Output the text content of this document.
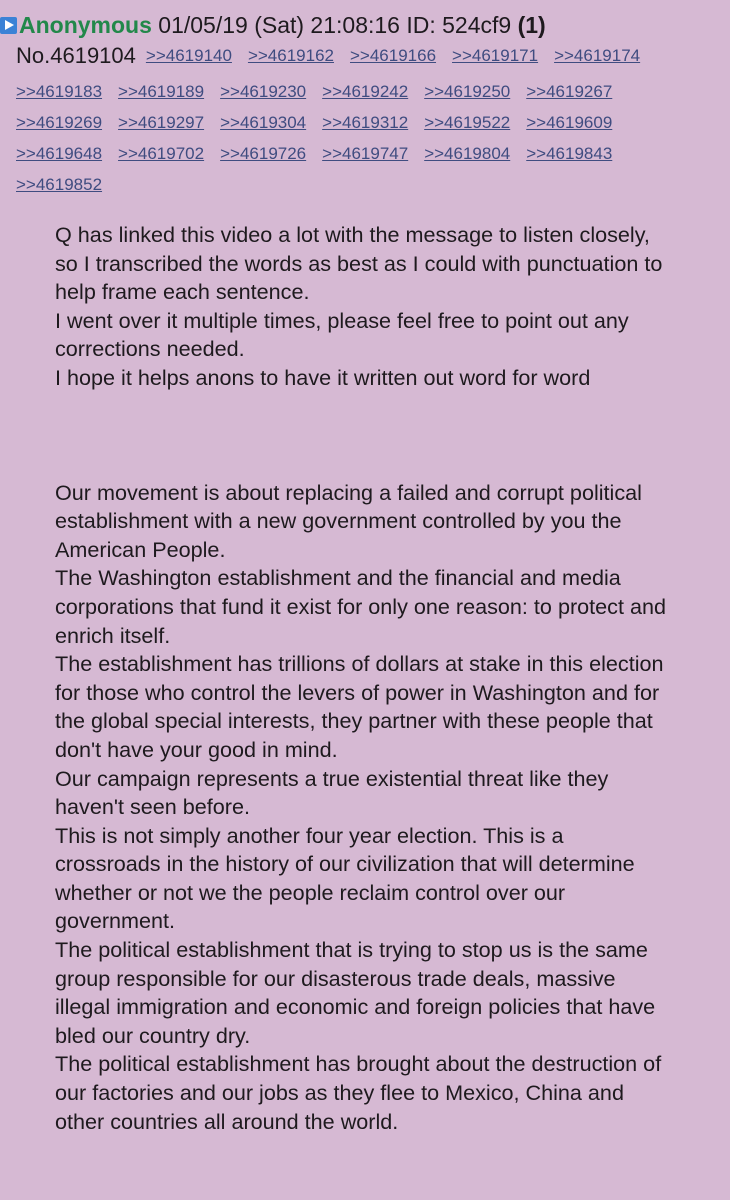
Anonymous 01/05/19 (Sat) 21:08:16 ID: 524cf9 (1)
No.4619104 >>4619140 >>4619162 >>4619166 >>4619171 >>4619174
>>4619183 >>4619189 >>4619230 >>4619242 >>4619250 >>4619267>>4619269 >>4619297 >>4619304 >>4619312 >>4619522 >>4619609>>4619648 >>4619702 >>4619726 >>4619747 >>4619804 >>4619843>>4619852
Q has linked this video a lot with the message to listen closely, so I transcribed the words as best as I could with punctuation to help frame each sentence.
I went over it multiple times, please feel free to point out any corrections needed.
I hope it helps anons to have it written out word for word
Our movement is about replacing a failed and corrupt political establishment with a new government controlled by you the American People.
The Washington establishment and the financial and media corporations that fund it exist for only one reason: to protect and enrich itself.
The establishment has trillions of dollars at stake in this election for those who control the levers of power in Washington and for the global special interests, they partner with these people that don't have your good in mind.
Our campaign represents a true existential threat like they haven't seen before.
This is not simply another four year election. This is a crossroads in the history of our civilization that will determine whether or not we the people reclaim control over our government.
The political establishment that is trying to stop us is the same group responsible for our disasterous trade deals, massive illegal immigration and economic and foreign policies that have bled our country dry.
The political establishment has brought about the destruction of our factories and our jobs as they flee to Mexico, China and other countries all around the world.
